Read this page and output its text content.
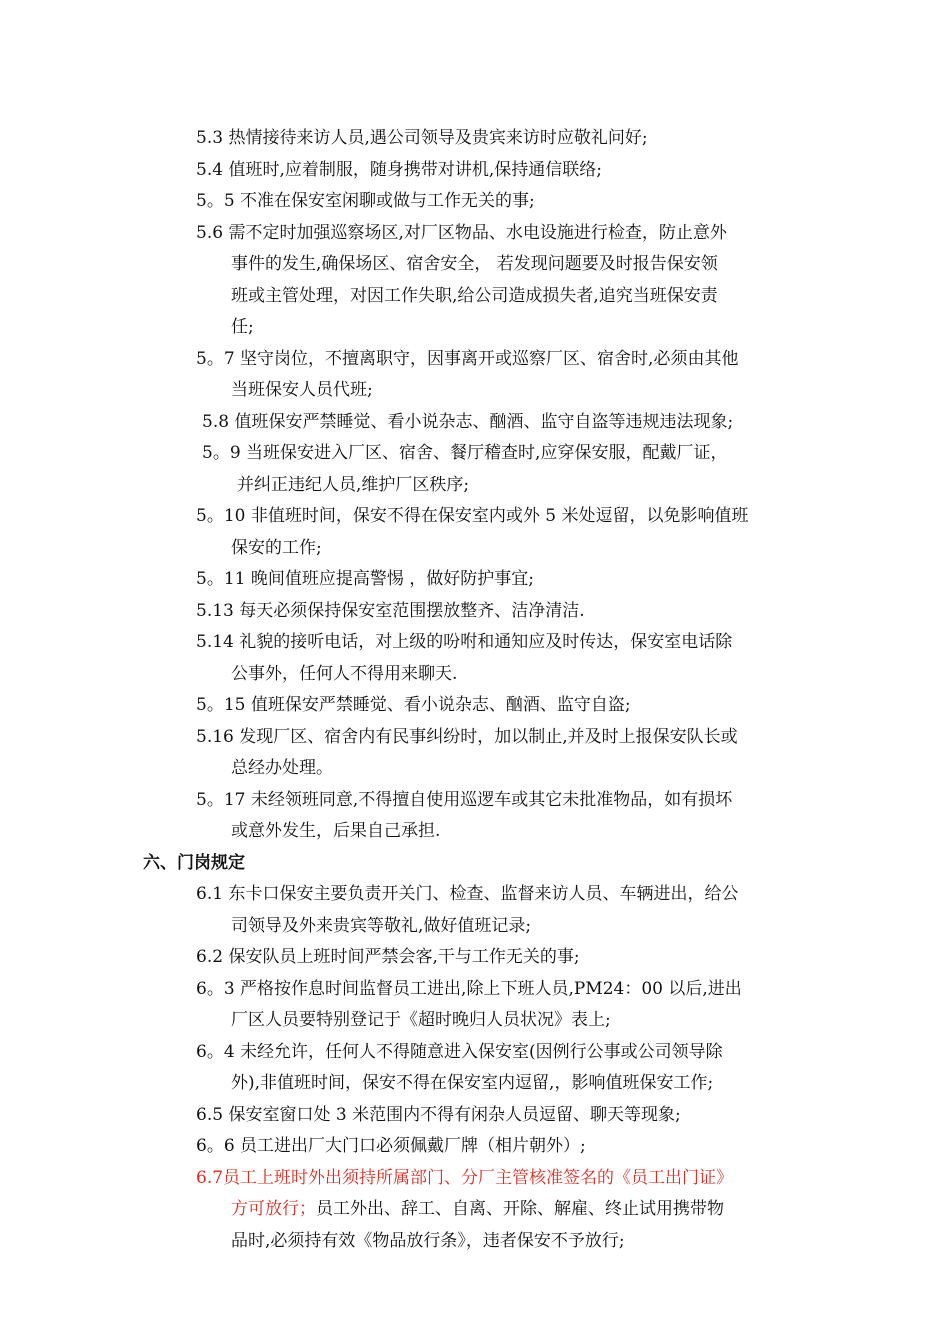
5.3 热情接待来访人员,遇公司领导及贵宾来访时应敬礼问好;

5.4 值班时,应着制服，随身携带对讲机,保持通信联络;

5。5 不准在保安室闲聊或做与工作无关的事;

5.6 需不定时加强巡察场区,对厂区物品、水电设施进行检查，防止意外
事件的发生,确保场区、宿舍安全， 若发现问题要及时报告保安领
班或主管处理，对因工作失职,给公司造成损失者,追究当班保安责
任;

5。7 坚守岗位，不擅离职守，因事离开或巡察厂区、宿舍时,必须由其他
当班保安人员代班;

5.8 值班保安严禁睡觉、看小说杂志、酗酒、监守自盗等违规违法现象;

5。9 当班保安进入厂区、宿舍、餐厅稽查时,应穿保安服，配戴厂证，
并纠正违纪人员,维护厂区秩序;

5。10 非值班时间，保安不得在保安室内或外 5 米处逗留，以免影响值班
保安的工作;

5。11 晚间值班应提高警惕 ，做好防护事宜;

5.13 每天必须保持保安室范围摆放整齐、洁净清洁.

5.14 礼貌的接听电话，对上级的吩咐和通知应及时传达，保安室电话除
公事外，任何人不得用来聊天.

5。15 值班保安严禁睡觉、看小说杂志、酗酒、监守自盗;

5.16 发现厂区、宿舍内有民事纠纷时，加以制止,并及时上报保安队长或
总经办处理。

5。17 未经领班同意,不得擅自使用巡逻车或其它未批准物品，如有损坏
或意外发生，后果自己承担.

六、门岗规定

6.1 东卡口保安主要负责开关门、检查、监督来访人员、车辆进出，给公
司领导及外来贵宾等敬礼,做好值班记录;

6.2 保安队员上班时间严禁会客,干与工作无关的事;

6。3 严格按作息时间监督员工进出,除上下班人员,PM24：00 以后,进出
厂区人员要特别登记于《超时晚归人员状况》表上;

6。4 未经允许，任何人不得随意进入保安室(因例行公事或公司领导除
外),非值班时间，保安不得在保安室内逗留,，影响值班保安工作;

6.5 保安室窗口处 3 米范围内不得有闲杂人员逗留、聊天等现象;

6。6 员工进出厂大门口必须佩戴厂牌（相片朝外）;

6.7员工上班时外出须持所属部门、分厂主管核准签名的《员工出门证》
方可放行；员工外出、辞工、自离、开除、解雇、终止试用携带物
品时,必须持有效《物品放行条》，违者保安不予放行;
